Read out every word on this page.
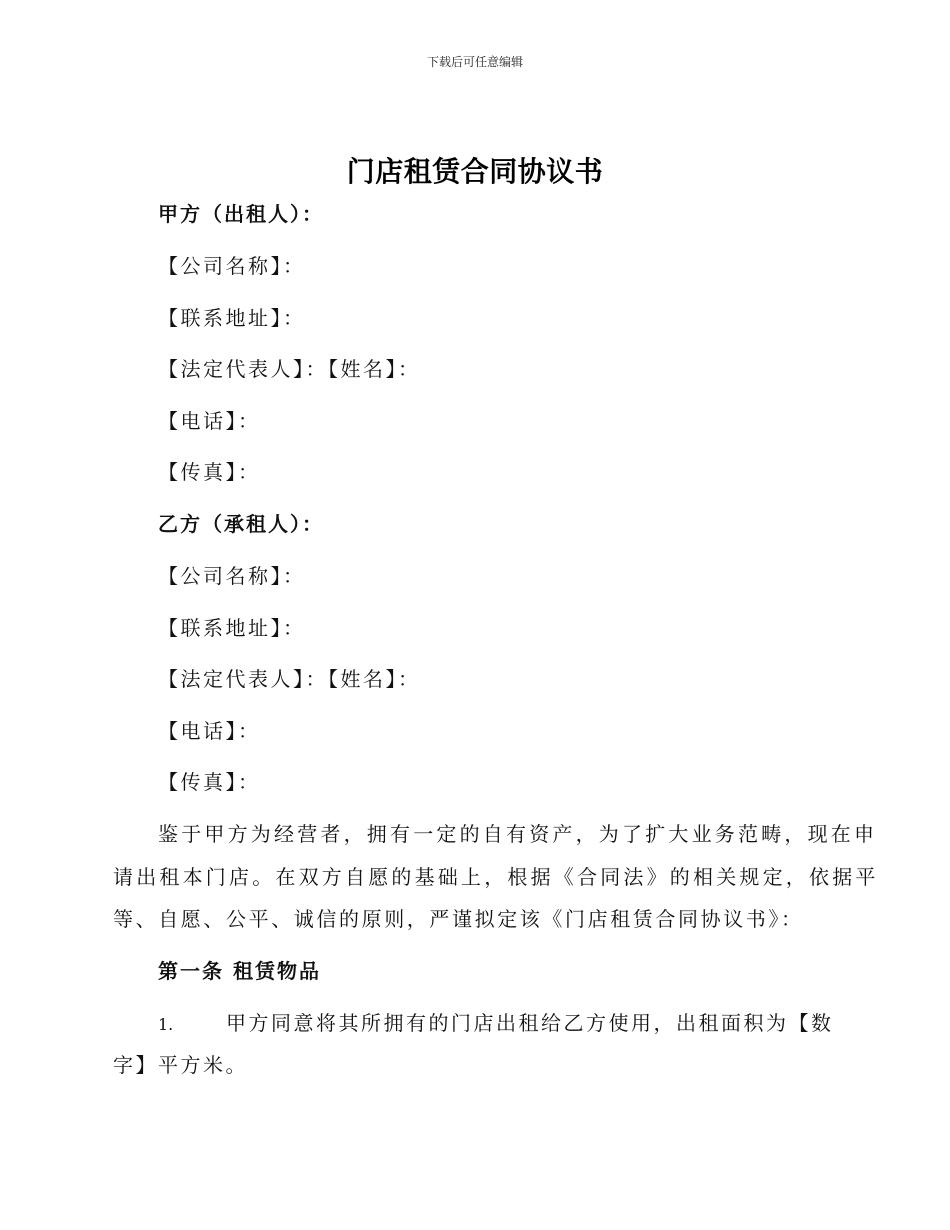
下载后可任意编辑
门店租赁合同协议书
甲方（出租人）：
【公司名称】：
【联系地址】：
【法定代表人】：【姓名】：
【电话】：
【传真】：
乙方（承租人）：
【公司名称】：
【联系地址】：
【法定代表人】：【姓名】：
【电话】：
【传真】：
鉴于甲方为经营者，拥有一定的自有资产，为了扩大业务范畴，现在申
请出租本门店。在双方自愿的基础上，根据《合同法》的相关规定，依据平
等、自愿、公平、诚信的原则，严谨拟定该《门店租赁合同协议书》：
第一条 租赁物品
1.	甲方同意将其所拥有的门店出租给乙方使用，出租面积为【数
字】平方米。
